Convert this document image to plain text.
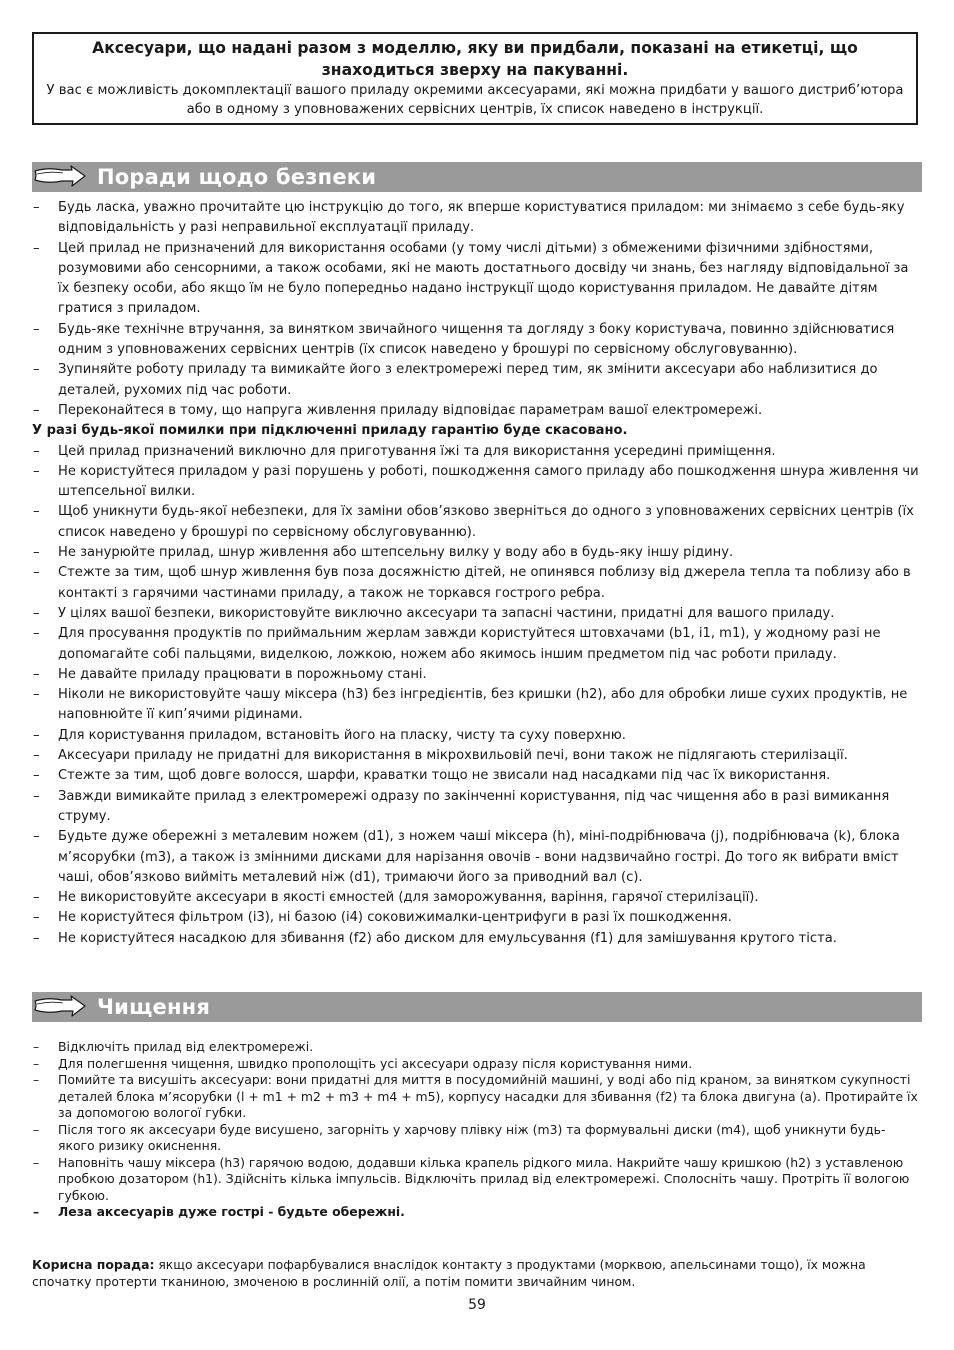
Аксесуари, що надані разом з моделлю, яку ви придбали, показані на етикетці, що знаходиться зверху на пакуванні.
У вас є можливість докомплектації вашого приладу окремими аксесуарами, які можна придбати у вашого дистриб’ютора або в одному з уповноважених сервісних центрів, їх список наведено в інструкції.
Поради щодо безпеки
– Будь ласка, уважно прочитайте цю інструкцію до того, як вперше користуватися приладом: ми знімаємо з себе будь-яку відповідальність у разі неправильної експлуатації приладу.
– Цей прилад не призначений для використання особами (у тому числі дітьми) з обмеженими фізичними здібностями, розумовими або сенсорними, а також особами, які не мають достатнього досвіду чи знань, без нагляду відповідальної за їх безпеку особи, або якщо їм не було попередньо надано інструкції щодо користування приладом. Не давайте дітям гратися з приладом.
– Будь-яке технічне втручання, за винятком звичайного чищення та догляду з боку користувача, повинно здійснюватися одним з уповноважених сервісних центрів (їх список наведено у брошурі по сервісному обслуговуванню).
– Зупиняйте роботу приладу та вимикайте його з електромережі перед тим, як змінити аксесуари або наблизитися до деталей, рухомих під час роботи.
– Переконайтеся в тому, що напруга живлення приладу відповідає параметрам вашої електромережі.
У разі будь-якої помилки при підключенні приладу гарантію буде скасовано.
– Цей прилад призначений виключно для приготування їжі та для використання усередині приміщення.
– Не користуйтеся приладом у разі порушень у роботі, пошкодження самого приладу або пошкодження шнура живлення чи штепсельної вилки.
– Щоб уникнути будь-якої небезпеки, для їх заміни обов’язково зверніться до одного з уповноважених сервісних центрів (їх список наведено у брошурі по сервісному обслуговуванню).
– Не занурюйте прилад, шнур живлення або штепсельну вилку у воду або в будь-яку іншу рідину.
– Стежте за тим, щоб шнур живлення був поза досяжністю дітей, не опинявся поблизу від джерела тепла та поблизу або в контакті з гарячими частинами приладу, а також не торкався гострого ребра.
– У цілях вашої безпеки, використовуйте виключно аксесуари та запасні частини, придатні для вашого приладу.
– Для просування продуктів по приймальним жерлам завжди користуйтеся штовхачами (b1, i1, m1), у жодному разі не допомагайте собі пальцями, виделкою, ложкою, ножем або якимось іншим предметом під час роботи приладу.
– Не давайте приладу працювати в порожньому стані.
– Ніколи не використовуйте чашу міксера (h3) без інгредієнтів, без кришки (h2), або для обробки лише сухих продуктів, не наповнюйте її кип’ячими рідинами.
– Для користування приладом, встановіть його на пласку, чисту та суху поверхню.
– Аксесуари приладу не придатні для використання в мікрохвильовій печі, вони також не підлягають стерилізації.
– Стежте за тим, щоб довге волосся, шарфи, краватки тощо не звисали над насадками під час їх використання.
– Завжди вимикайте прилад з електромережі одразу по закінченні користування, під час чищення або в разі вимикання струму.
– Будьте дуже обережні з металевим ножем (d1), з ножем чаші міксера (h), міні-подрібнювача (j), подрібнювача (k), блока м’ясорубки (m3), а також із змінними дисками для нарізання овочів - вони надзвичайно гострі. До того як вибрати вміст чаші, обов’язково вийміть металевий ніж (d1), тримаючи його за приводний вал (c).
– Не використовуйте аксесуари в якості ємностей (для заморожування, варіння, гарячої стерилізації).
– Не користуйтеся фільтром (i3), ні базою (i4) соковижималки-центрифуги в разі їх пошкодження.
– Не користуйтеся насадкою для збивання (f2) або диском для емульсування (f1) для замішування крутого тіста.
Чищення
– Відключіть прилад від електромережі.
– Для полегшення чищення, швидко прополощіть усі аксесуари одразу після користування ними.
– Помийте та висушіть аксесуари: вони придатні для миття в посудомийній машині, у воді або під краном, за винятком сукупності деталей блока м’ясорубки (l + m1 + m2 + m3 + m4 + m5), корпусу насадки для збивання (f2) та блока двигуна (a). Протирайте їх за допомогою вологої губки.
– Після того як аксесуари буде висушено, загорніть у харчову плівку ніж (m3) та формувальні диски (m4), щоб уникнути будь-якого ризику окиснення.
– Наповніть чашу міксера (h3) гарячою водою, додавши кілька крапель рідкого мила. Накрийте чашу кришкою (h2) з уставленою пробкою дозатором (h1). Здійсніть кілька імпульсів. Відключіть прилад від електромережі. Сполосніть чашу. Протріть її вологою губкою.
– Леза аксесуарів дуже гострі - будьте обережні.
Корисна порада: якщо аксесуари пофарбувалися внаслідок контакту з продуктами (морквою, апельсинами тощо), їх можна спочатку протерти тканиною, змоченою в рослинній олії, а потім помити звичайним чином.
59
